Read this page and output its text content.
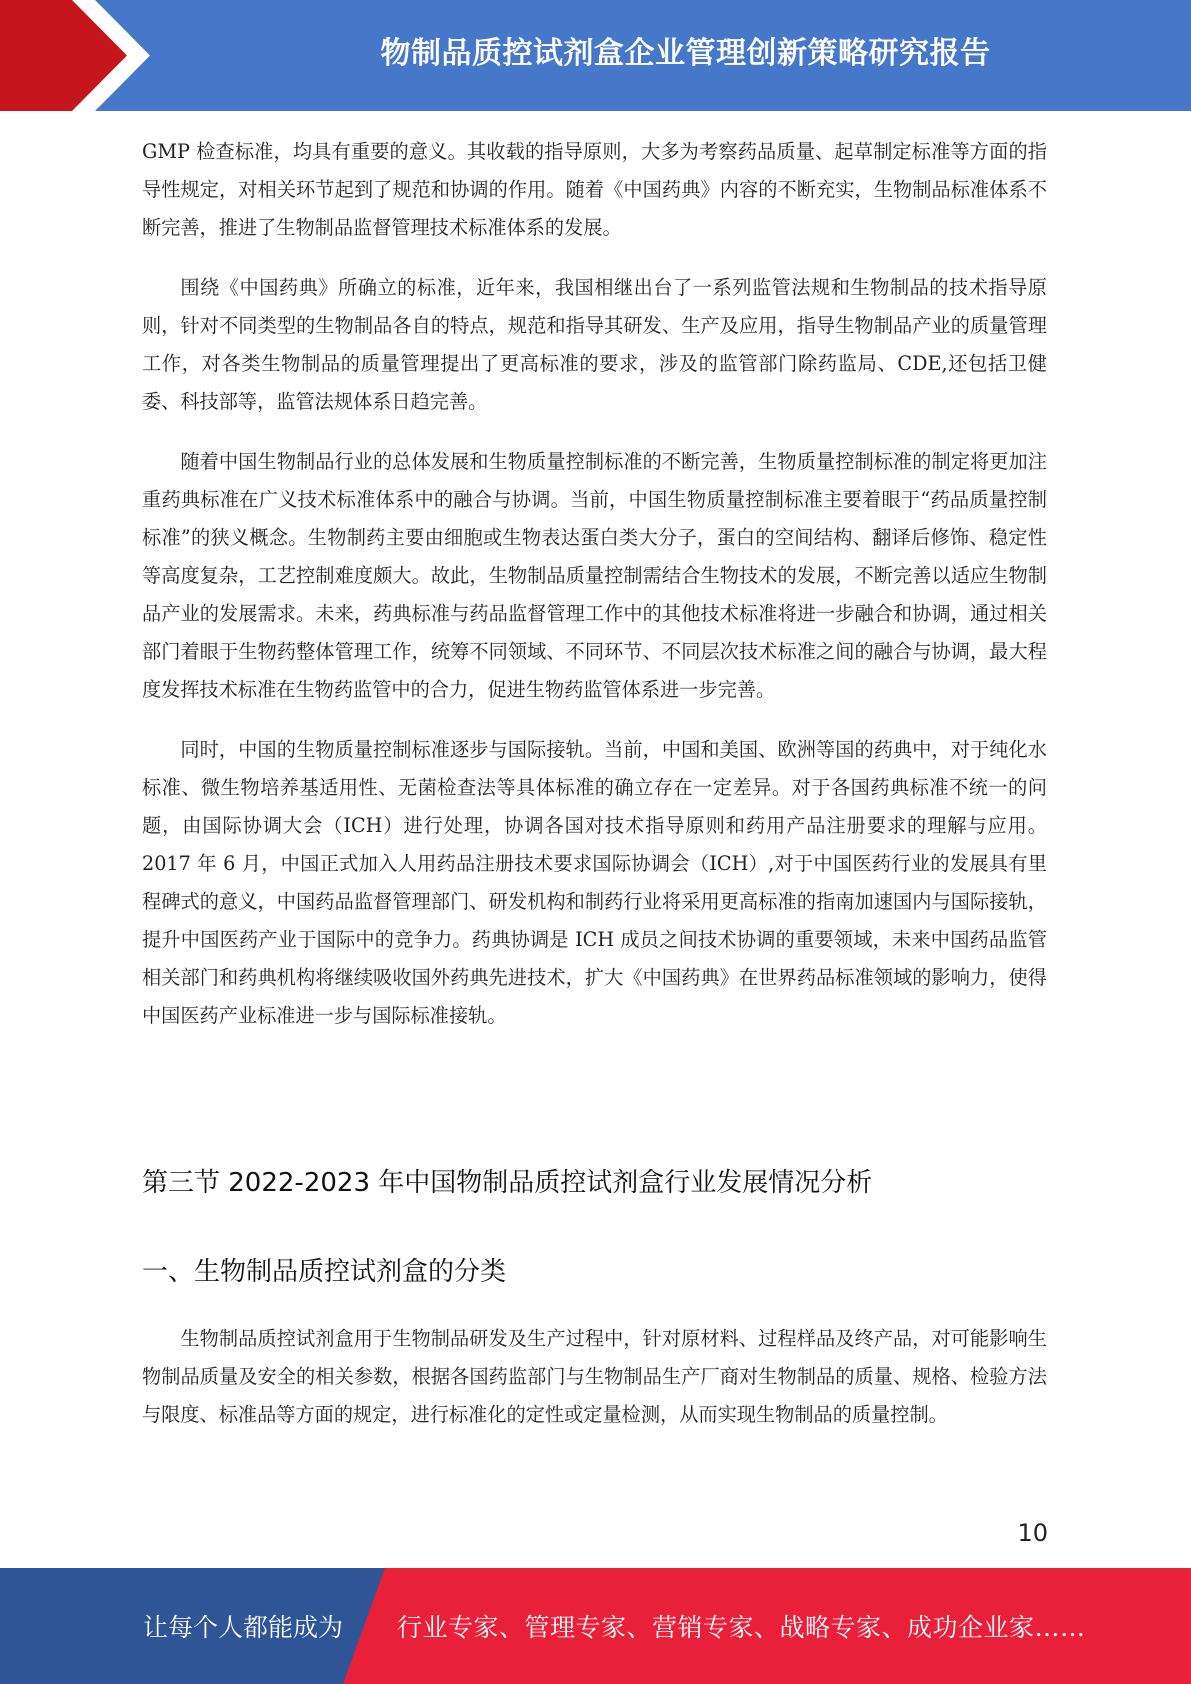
物制品质控试剂盒企业管理创新策略研究报告

GMP 检查标准，均具有重要的意义。其收载的指导原则，大多为考察药品质量、起草制定标准等方面的指导性规定，对相关环节起到了规范和协调的作用。随着《中国药典》内容的不断充实，生物制品标准体系不断完善，推进了生物制品监督管理技术标准体系的发展。

围绕《中国药典》所确立的标准，近年来，我国相继出台了一系列监管法规和生物制品的技术指导原则，针对不同类型的生物制品各自的特点，规范和指导其研发、生产及应用，指导生物制品产业的质量管理工作，对各类生物制品的质量管理提出了更高标准的要求，涉及的监管部门除药监局、CDE,还包括卫健委、科技部等，监管法规体系日趋完善。

随着中国生物制品行业的总体发展和生物质量控制标准的不断完善，生物质量控制标准的制定将更加注重药典标准在广义技术标准体系中的融合与协调。当前，中国生物质量控制标准主要着眼于“药品质量控制标准”的狭义概念。生物制药主要由细胞或生物表达蛋白类大分子，蛋白的空间结构、翻译后修饰、稳定性等高度复杂，工艺控制难度颇大。故此，生物制品质量控制需结合生物技术的发展，不断完善以适应生物制品产业的发展需求。未来，药典标准与药品监督管理工作中的其他技术标准将进一步融合和协调，通过相关部门着眼于生物药整体管理工作，统筹不同领域、不同环节、不同层次技术标准之间的融合与协调，最大程度发挥技术标准在生物药监管中的合力，促进生物药监管体系进一步完善。

同时，中国的生物质量控制标准逐步与国际接轨。当前，中国和美国、欧洲等国的药典中，对于纯化水标准、微生物培养基适用性、无菌检查法等具体标准的确立存在一定差异。对于各国药典标准不统一的问题，由国际协调大会（ICH）进行处理，协调各国对技术指导原则和药用产品注册要求的理解与应用。2017 年 6 月，中国正式加入人用药品注册技术要求国际协调会（ICH）,对于中国医药行业的发展具有里程碑式的意义，中国药品监督管理部门、研发机构和制药行业将采用更高标准的指南加速国内与国际接轨，提升中国医药产业于国际中的竞争力。药典协调是 ICH 成员之间技术协调的重要领域，未来中国药品监管相关部门和药典机构将继续吸收国外药典先进技术，扩大《中国药典》在世界药品标准领域的影响力，使得中国医药产业标准进一步与国际标准接轨。

第三节 2022-2023 年中国物制品质控试剂盒行业发展情况分析
一、生物制品质控试剂盒的分类

生物制品质控试剂盒用于生物制品研发及生产过程中，针对原材料、过程样品及终产品，对可能影响生物制品质量及安全的相关参数，根据各国药监部门与生物制品生产厂商对生物制品的质量、规格、检验方法与限度、标准品等方面的规定，进行标准化的定性或定量检测，从而实现生物制品的质量控制。

10
让每个人都能成为 行业专家、管理专家、营销专家、战略专家、成功企业家……
